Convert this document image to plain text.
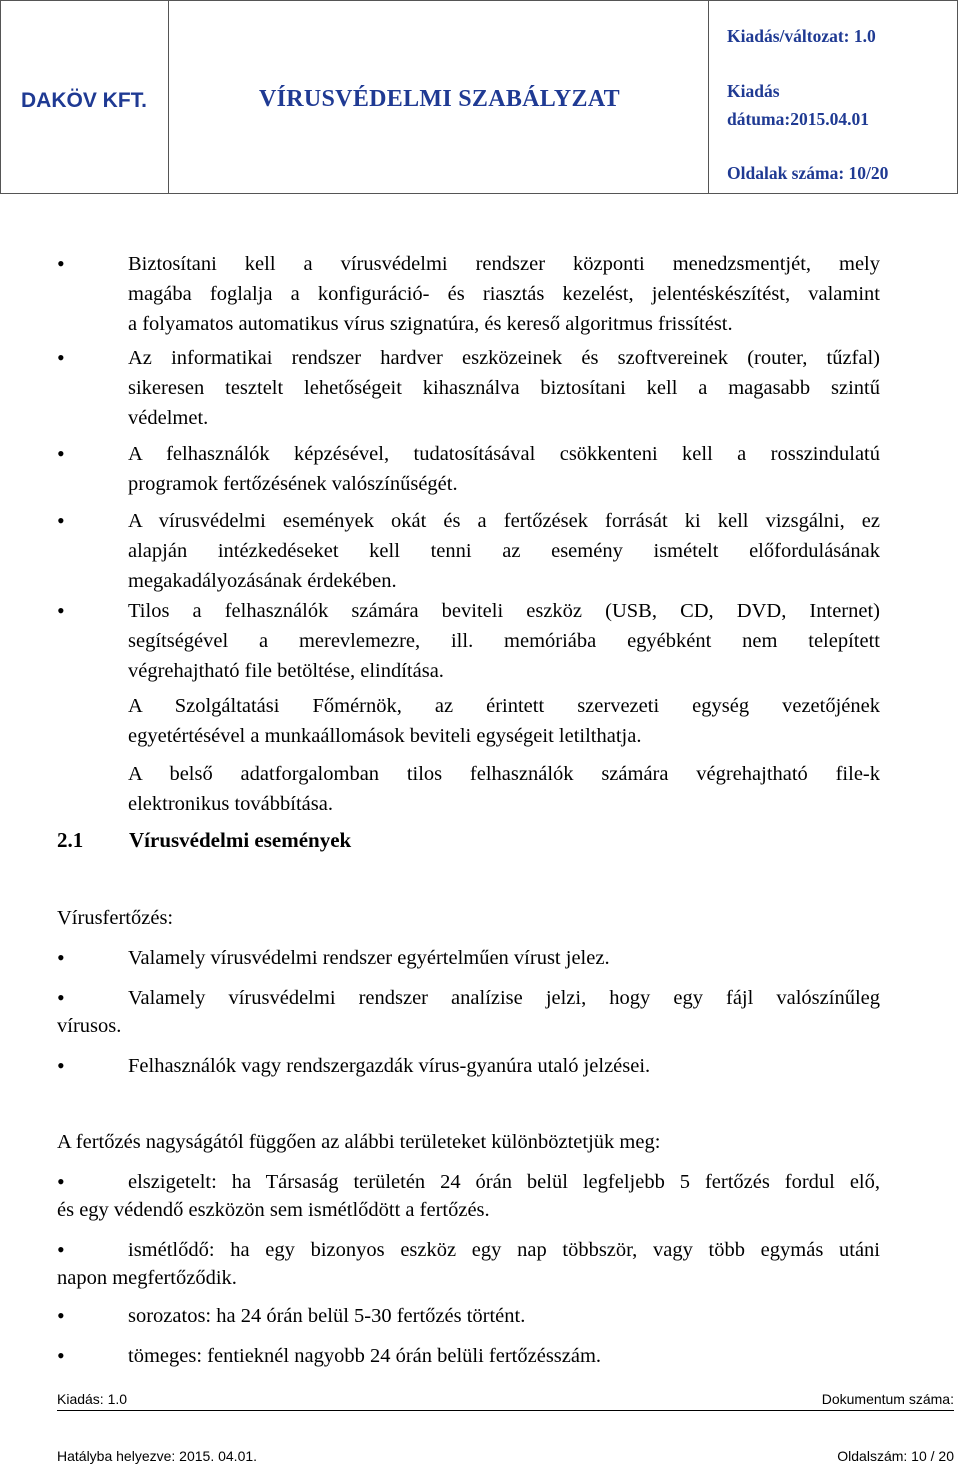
DAKÖV KFT.	VÍRUSVÉDELMI SZABÁLYZAT
Kiadás/változat: 1.0
Kiadás
dátuma:2015.04.01
Oldalak száma: 10/20
•	Biztosítani kell a vírusvédelmi rendszer központi menedzsmentjét, mely
magába foglalja a konfiguráció- és riasztás kezelést, jelentéskészítést, valamint
a folyamatos automatikus vírus szignatúra, és kereső algoritmus frissítést.
•	Az informatikai rendszer hardver eszközeinek és szoftvereinek (router, tűzfal)
sikeresen tesztelt lehetőségeit kihasználva biztosítani kell a magasabb szintű
védelmet.
•	A felhasználók képzésével, tudatosításával csökkenteni kell a rosszindulatú
programok fertőzésének valószínűségét.
•	A vírusvédelmi események okát és a fertőzések forrását ki kell vizsgálni, ez
alapján intézkedéseket kell tenni az esemény ismételt előfordulásának
megakadályozásának érdekében.
•	Tilos a felhasználók számára beviteli eszköz (USB, CD, DVD, Internet)
segítségével a merevlemezre, ill. memóriába egyébként nem telepített
végrehajtható file betöltése, elindítása.
A Szolgáltatási Főmérnök, az érintett szervezeti egység vezetőjének
egyetértésével a munkaállomások beviteli egységeit letilthatja.
A belső adatforgalomban tilos felhasználók számára végrehajtható file-k
elektronikus továbbítása.
2.1 Vírusvédelmi események
Vírusfertőzés:
•	Valamely vírusvédelmi rendszer egyértelműen vírust jelez.
•	Valamely vírusvédelmi rendszer analízise jelzi, hogy egy fájl valószínűleg
vírusos.
•	Felhasználók vagy rendszergazdák vírus-gyanúra utaló jelzései.
A fertőzés nagyságától függően az alábbi területeket különböztetjük meg:
•	elszigetelt: ha Társaság területén 24 órán belül legfeljebb 5 fertőzés fordul elő,
és egy védendő eszközön sem ismétlődött a fertőzés.
•	ismétlődő: ha egy bizonyos eszköz egy nap többször, vagy több egymás utáni
napon megfertőződik.
•	sorozatos: ha 24 órán belül 5-30 fertőzés történt.
•	tömeges: fentieknél nagyobb 24 órán belüli fertőzésszám.
Kiadás: 1.0	Dokumentum száma:
Hatályba helyezve: 2015. 04.01.	Oldalszám: 10 / 20
